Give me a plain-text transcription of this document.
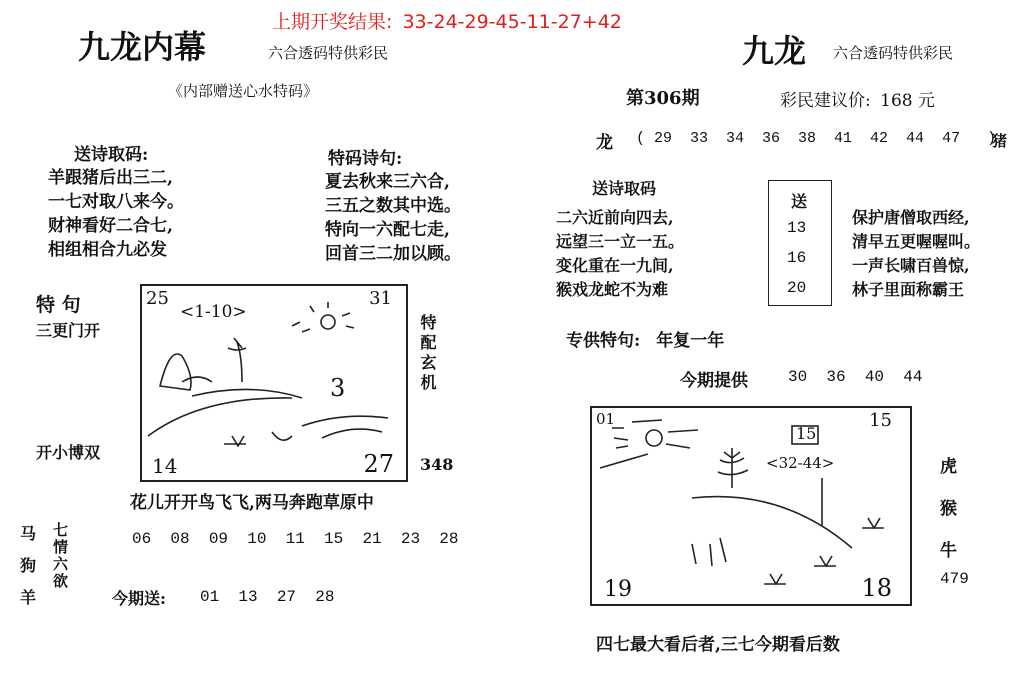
上期开奖结果: 33-24-29-45-11-27+42
九龙内幕	六合透码特供彩民	九龙 六合透码特供彩民
《内部赠送心水特码》
送诗取码:
羊跟猪后出三二,
一七对取八来今。
财神看好二合七,
相组相合九必发
特码诗句:
夏去秋来三六合,
三五之数其中选。
特向一六配七走,
回首三二加以顾。
特 句
三更门开
开小博双
25	31
14	27
<1-10>
3	特配玄机
348
花儿开开鸟飞飞,两马奔跑草原中
马
狗
羊
七情六欲	06  08  09  10  11  15  21  23  28
今期送: 01  13  27  28
第306期	彩民建议价: 168 元
龙 ( 29  33  34  36  38  41  42  44  47   )
猪
送诗取码
二六近前向四去,
远望三一立一五。
变化重在一九间,
猴戏龙蛇不为难
送
13
16
20
保护唐僧取西经,
清早五更喔喔叫。
一声长啸百兽惊,
林子里面称霸王
专供特句: 年复一年
今期提供	30  36  40  44
01	15
19	18
<32-44>
15
虎
猴
牛
479
四七最大看后者,三七今期看后数
